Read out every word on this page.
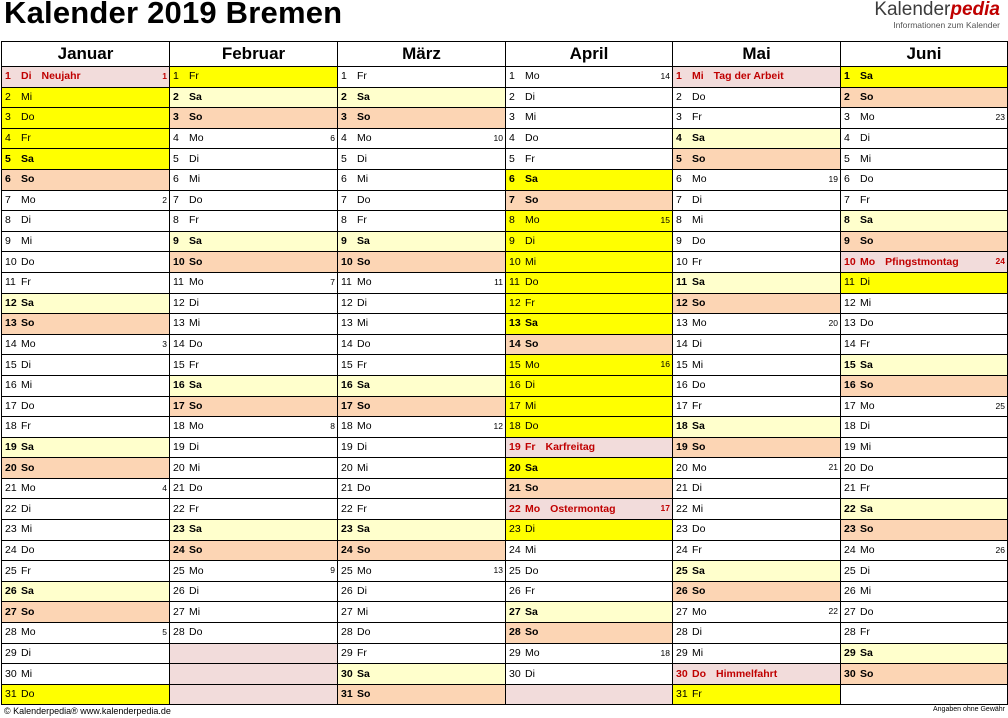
Kalender 2019 Bremen	Kalenderpedia
Informationen zum Kalender
Januar	Februar	März	April	Mai	Juni
1 Di Neujahr 1	1 Fr	1 Fr	1 Mo 14	1 Mi Tag der Arbeit	1 Sa
2 Mi	2 Sa	2 Sa	2 Di	2 Do	2 So
3 Do	3 So	3 So	3 Mi	3 Fr	3 Mo 23

4 Fr	4 Mo 6	4 Mo 10	4 Do	4 Sa	4 Di
5 Sa	5 Di	5 Di	5 Fr	5 So	5 Mi
6 So	6 Mi	6 Mi	6 Sa	6 Mo 19	6 Do
7 Mo 2	7 Do	7 Do	7 So	7 Di	7 Fr
8 Di	8 Fr	8 Fr	8 Mo 15	8 Mi	8 Sa
9 Mi	9 Sa	9 Sa	9 Di	9 Do	9 So
10 Do	10 So	10 So	10 Mi	10 Fr	10 Mo Pfingstmontag 24

11 Fr	11 Mo 7	11 Mo 11	11 Do	11 Sa	11 Di
12 Sa	12 Di	12 Di	12 Fr	12 So	12 Mi
13 So	13 Mi	13 Mi	13 Sa	13 Mo 20	13 Do
14 Mo 3	14 Do	14 Do	14 So	14 Di	14 Fr
15 Di	15 Fr	15 Fr	15 Mo 16	15 Mi	15 Sa
16 Mi	16 Sa	16 Sa	16 Di	16 Do	16 So
17 Do	17 So	17 So	17 Mi	17 Fr	17 Mo 25

18 Fr	18 Mo 8	18 Mo 12	18 Do	18 Sa	18 Di
19 Sa	19 Di	19 Di	19 Fr Karfreitag	19 So	19 Mi
20 So	20 Mi	20 Mi	20 Sa	20 Mo 21	20 Do
21 Mo 4	21 Do	21 Do	21 So	21 Di	21 Fr
22 Di	22 Fr	22 Fr	22 Mo Ostermontag 17	22 Mi	22 Sa
23 Mi	23 Sa	23 Sa	23 Di	23 Do	23 So
24 Do	24 So	24 So	24 Mi	24 Fr	24 Mo 26

25 Fr	25 Mo 9	25 Mo 13	25 Do	25 Sa	25 Di
26 Sa	26 Di	26 Di	26 Fr	26 So	26 Mi
27 So	27 Mi	27 Mi	27 Sa	27 Mo 22	27 Do
28 Mo 5	28 Do	28 Do	28 So	28 Di	28 Fr
29 Di		29 Fr	29 Mo 18	29 Mi	29 Sa
30 Mi		30 Sa	30 Di	30 Do Himmelfahrt	30 So
31 Do		31 So		31 Fr	
© Kalenderpedia® www.kalenderpedia.de	Angaben ohne Gewähr
